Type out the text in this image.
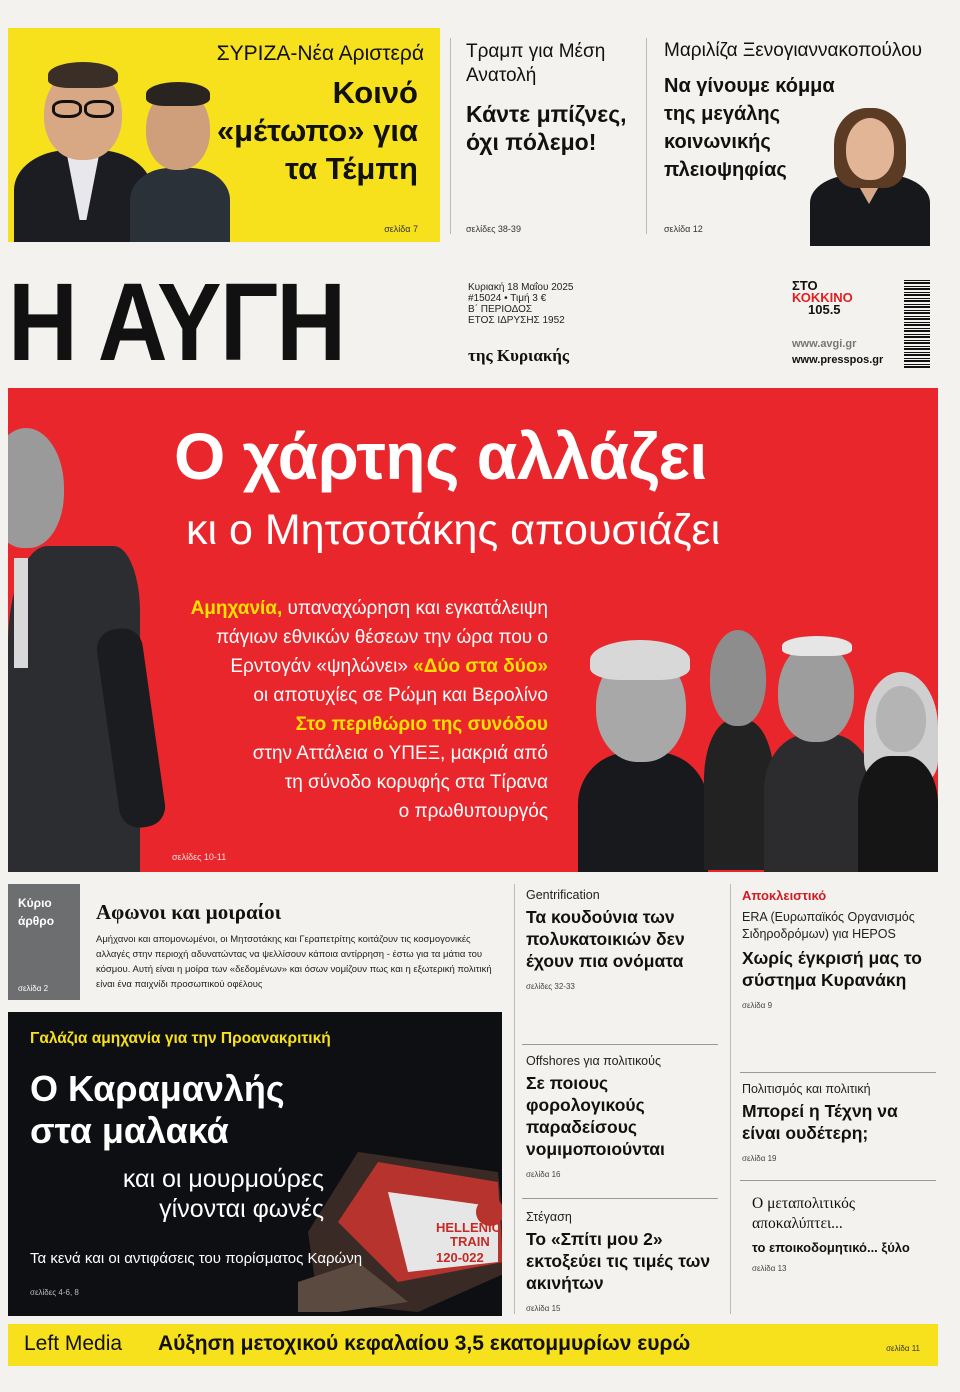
ΣΥΡΙΖΑ-Νέα Αριστερά
Κοινό «μέτωπο» για τα Τέμπη
σελίδα 7
Τραμπ για Μέση Ανατολή
Κάντε μπίζνες, όχι πόλεμο!
σελίδες 38-39
Μαριλίζα Ξενογιαννακοπούλου
Να γίνουμε κόμμα της μεγάλης κοινωνικής πλειοψηφίας
σελίδα 12
Η ΑΥΓΗ	Κυριακή 18 Μαΐου 2025
#15024 • Τιμή 3 €
Β΄ ΠΕΡΙΟΔΟΣ
ΕΤΟΣ ΙΔΡΥΣΗΣ 1952
της Κυριακής
ΣΤΟ
ΚΟΚΚΙΝΟ
105.5
www.avgi.gr
www.presspos.gr
Ο χάρτης αλλάζει
κι ο Μητσοτάκης απουσιάζει
Αμηχανία, υπαναχώρηση και εγκατάλειψη
πάγιων εθνικών θέσεων την ώρα που ο
Ερντογάν «ψηλώνει» «Δύο στα δύο»
οι αποτυχίες σε Ρώμη και Βερολίνο
Στο περιθώριο της συνόδου
στην Αττάλεια ο ΥΠΕΞ, μακριά από
τη σύνοδο κορυφής στα Τίρανα
ο πρωθυπουργός
σελίδες 10-11
Κύριο
άρθρο
σελίδα 2
Αφωνοι και μοιραίοι
Αμήχανοι και απομονωμένοι, οι Μητσοτάκης και Γεραπετρίτης κοιτάζουν τις κοσμογονικές αλλαγές στην περιοχή αδυνατώντας να ψελλίσουν κάποια αντίρρηση - έστω για τα μάτια του κόσμου. Αυτή είναι η μοίρα των «δεδομένων» και όσων νομίζουν πως και η εξωτερική πολιτική είναι ένα παιχνίδι προσωπικού οφέλους
HELLENIC
TRAIN
120-022
Γαλάζια αμηχανία για την Προανακριτική
Ο Καραμανλής
στα μαλακά
και οι μουρμούρες
γίνονται φωνές
Τα κενά και οι αντιφάσεις του πορίσματος Καρώνη
σελίδες 4-6, 8
Gentrification
Τα κουδούνια των πολυκατοικιών δεν έχουν πια ονόματα
σελίδες 32-33
Offshores για πολιτικούς
Σε ποιους φορολογικούς παραδείσους νομιμοποιούνται
σελίδα 16
Στέγαση
Το «Σπίτι μου 2» εκτοξεύει τις τιμές των ακινήτων
σελίδα 15
Αποκλειστικό
ERA (Ευρωπαϊκός Οργανισμός Σιδηροδρόμων) για ΗΕΡΟS
Χωρίς έγκρισή μας το σύστημα Κυρανάκη
σελίδα 9
Πολιτισμός και πολιτική
Μπορεί η Τέχνη να είναι ουδέτερη;
σελίδα 19
Ο μεταπολιτικός αποκαλύπτει...
το εποικοδομητικό... ξύλο
σελίδα 13
Left Media Αύξηση μετοχικού κεφαλαίου 3,5 εκατομμυρίων ευρώ	σελίδα 11
